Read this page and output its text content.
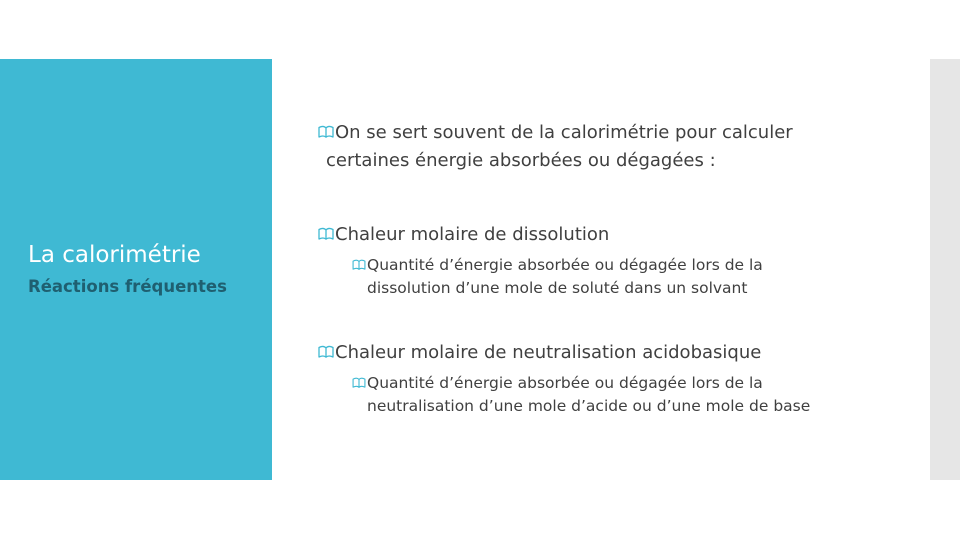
La calorimétrie
Réactions fréquentes
On se sert souvent de la calorimétrie pour calculer
certaines énergie absorbées ou dégagées :
Chaleur molaire de dissolution
Quantité d’énergie absorbée ou dégagée lors de la
dissolution d’une mole de soluté dans un solvant
Chaleur molaire de neutralisation acidobasique
Quantité d’énergie absorbée ou dégagée lors de la
neutralisation d’une mole d’acide ou d’une mole de base
